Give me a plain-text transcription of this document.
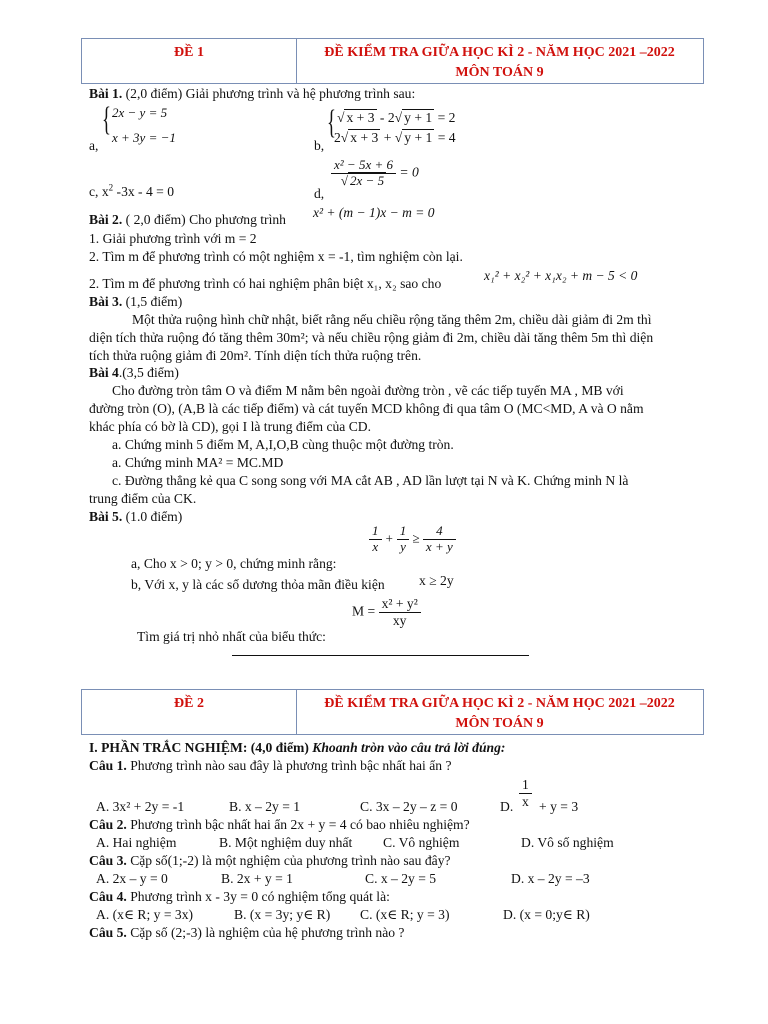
ĐỀ 1	ĐỀ KIỂM TRA GIỮA HỌC KÌ 2 - NĂM HỌC 2021 –2022
MÔN TOÁN 9
Bài 1. (2,0 điểm) Giải phương trình và hệ phương trình sau:
{ 2x − y = 5
x + 3y = −1
a,
{ √ x + 3 - 2√ y + 1 = 2
2√ x + 3 + √ y + 1 = 4
b,
c, $x^2$ -3x - 4 = 0	d,
$\frac{\text{x² − 5x + 6}}{√ 2x - 5} = 0$
Bài 2. ( 2,0 điểm) Cho phương trình x² + (m − 1)x − m = 0
1. Giải phương trình với m = 2
2. Tìm m để phương trình có một nghiệm x = -1, tìm nghiệm còn lại.
2. Tìm m để phương trình có hai nghiệm phân biệt x₁, x₂ sao cho
x₁² + x₂² + x₁x₂ + m − 5 < 0
Bài 3. (1,5 điểm)
Một thửa ruộng hình chữ nhật, biết rằng nếu chiều rộng tăng thêm 2m, chiều dài giảm đi 2m thì
diện tích thửa ruộng đó tăng thêm 30m²; và nếu chiều rộng giảm đi 2m, chiều dài tăng thêm 5m thì diện
tích thửa ruộng giảm đi 20m². Tính diện tích thửa ruộng trên.
Bài 4.(3,5 điểm)
Cho đường tròn tâm O và điểm M nằm bên ngoài đường tròn , vẽ các tiếp tuyến MA , MB với
đường tròn (O), (A,B là các tiếp điểm) và cát tuyến MCD không đi qua tâm O (MC<MD, A và O nằm
khác phía có bờ là CD), gọi I là trung điểm của CD.
a. Chứng minh 5 điểm M, A,I,O,B cùng thuộc một đường tròn.
a. Chứng minh MA² = MC.MD
c. Đường thẳng kẻ qua C song song với MA cắt AB , AD lần lượt tại N và K. Chứng minh N là
trung điểm của CK.
Bài 5. (1.0 điểm)
a, Cho x > 0; y > 0, chứng minh rằng:
$\frac{1}{x} + \frac{1}{y} \ge \frac{4}{x + y}$
b, Với x, y là các số dương thỏa mãn điều kiện	x ≥ 2y
$M = \frac{\text{x² + y²}}{xy}$
Tìm giá trị nhỏ nhất của biểu thức:
ĐỀ 2	ĐỀ KIỂM TRA GIỮA HỌC KÌ 2 - NĂM HỌC 2021 –2022
MÔN TOÁN 9
I. PHẦN TRẮC NGHIỆM: (4,0 điểm) Khoanh tròn vào câu trả lời đúng:
Câu 1. Phương trình nào sau đây là phương trình bậc nhất hai ẩn ?
A. 3x² + 2y = -1	B. x – 2y = 1	C. 3x – 2y – z = 0	D. $\frac{1}{x} + y = 3$
Câu 2. Phương trình bậc nhất hai ẩn 2x + y = 4 có bao nhiêu nghiệm?
A. Hai nghiệm	B. Một nghiệm duy nhất C. Vô nghiệm	D. Vô số nghiệm
Câu 3. Cặp số(1;-2) là một nghiệm của phương trình nào sau đây?
A. 2x – y = 0	B. 2x + y = 1	C. x – 2y = 5	D. x – 2y = –3
Câu 4. Phương trình x - 3y = 0 có nghiệm tổng quát là:
A. (x∈ R; y = 3x)	B. (x = 3y; y∈ R) C. (x∈ R; y = 3)	D. (x = 0;y∈ R)
Câu 5. Cặp số (2;-3) là nghiệm của hệ phương trình nào ?
